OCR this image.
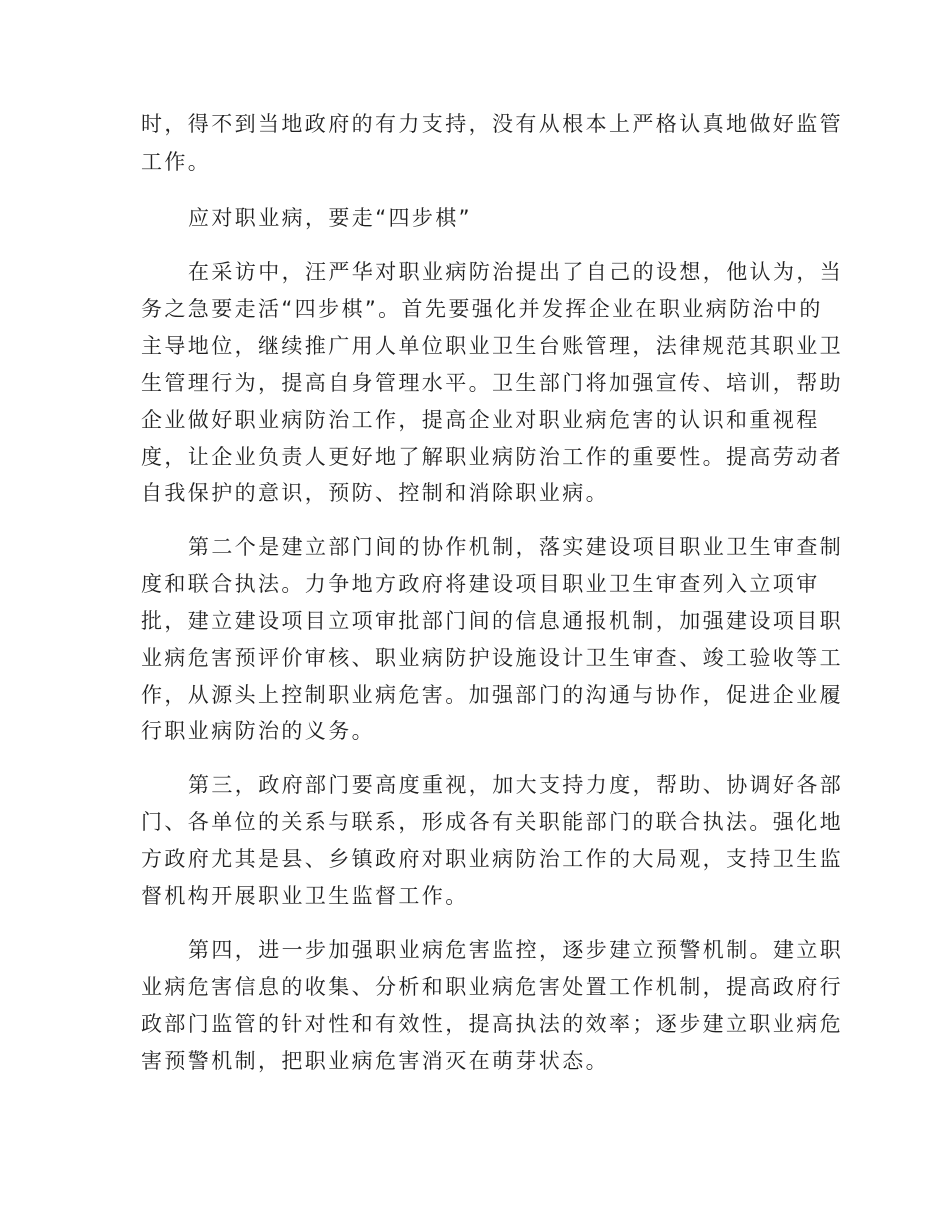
时，得不到当地政府的有力支持，没有从根本上严格认真地做好监管
工作。
应对职业病，要走“四步棋”
在采访中，汪严华对职业病防治提出了自己的设想，他认为，当
务之急要走活“四步棋”。首先要强化并发挥企业在职业病防治中的
主导地位，继续推广用人单位职业卫生台账管理，法律规范其职业卫
生管理行为，提高自身管理水平。卫生部门将加强宣传、培训，帮助
企业做好职业病防治工作，提高企业对职业病危害的认识和重视程
度，让企业负责人更好地了解职业病防治工作的重要性。提高劳动者
自我保护的意识，预防、控制和消除职业病。
第二个是建立部门间的协作机制，落实建设项目职业卫生审查制
度和联合执法。力争地方政府将建设项目职业卫生审查列入立项审
批，建立建设项目立项审批部门间的信息通报机制，加强建设项目职
业病危害预评价审核、职业病防护设施设计卫生审查、竣工验收等工
作，从源头上控制职业病危害。加强部门的沟通与协作，促进企业履
行职业病防治的义务。
第三，政府部门要高度重视，加大支持力度，帮助、协调好各部
门、各单位的关系与联系，形成各有关职能部门的联合执法。强化地
方政府尤其是县、乡镇政府对职业病防治工作的大局观，支持卫生监
督机构开展职业卫生监督工作。
第四，进一步加强职业病危害监控，逐步建立预警机制。建立职
业病危害信息的收集、分析和职业病危害处置工作机制，提高政府行
政部门监管的针对性和有效性，提高执法的效率；逐步建立职业病危
害预警机制，把职业病危害消灭在萌芽状态。
